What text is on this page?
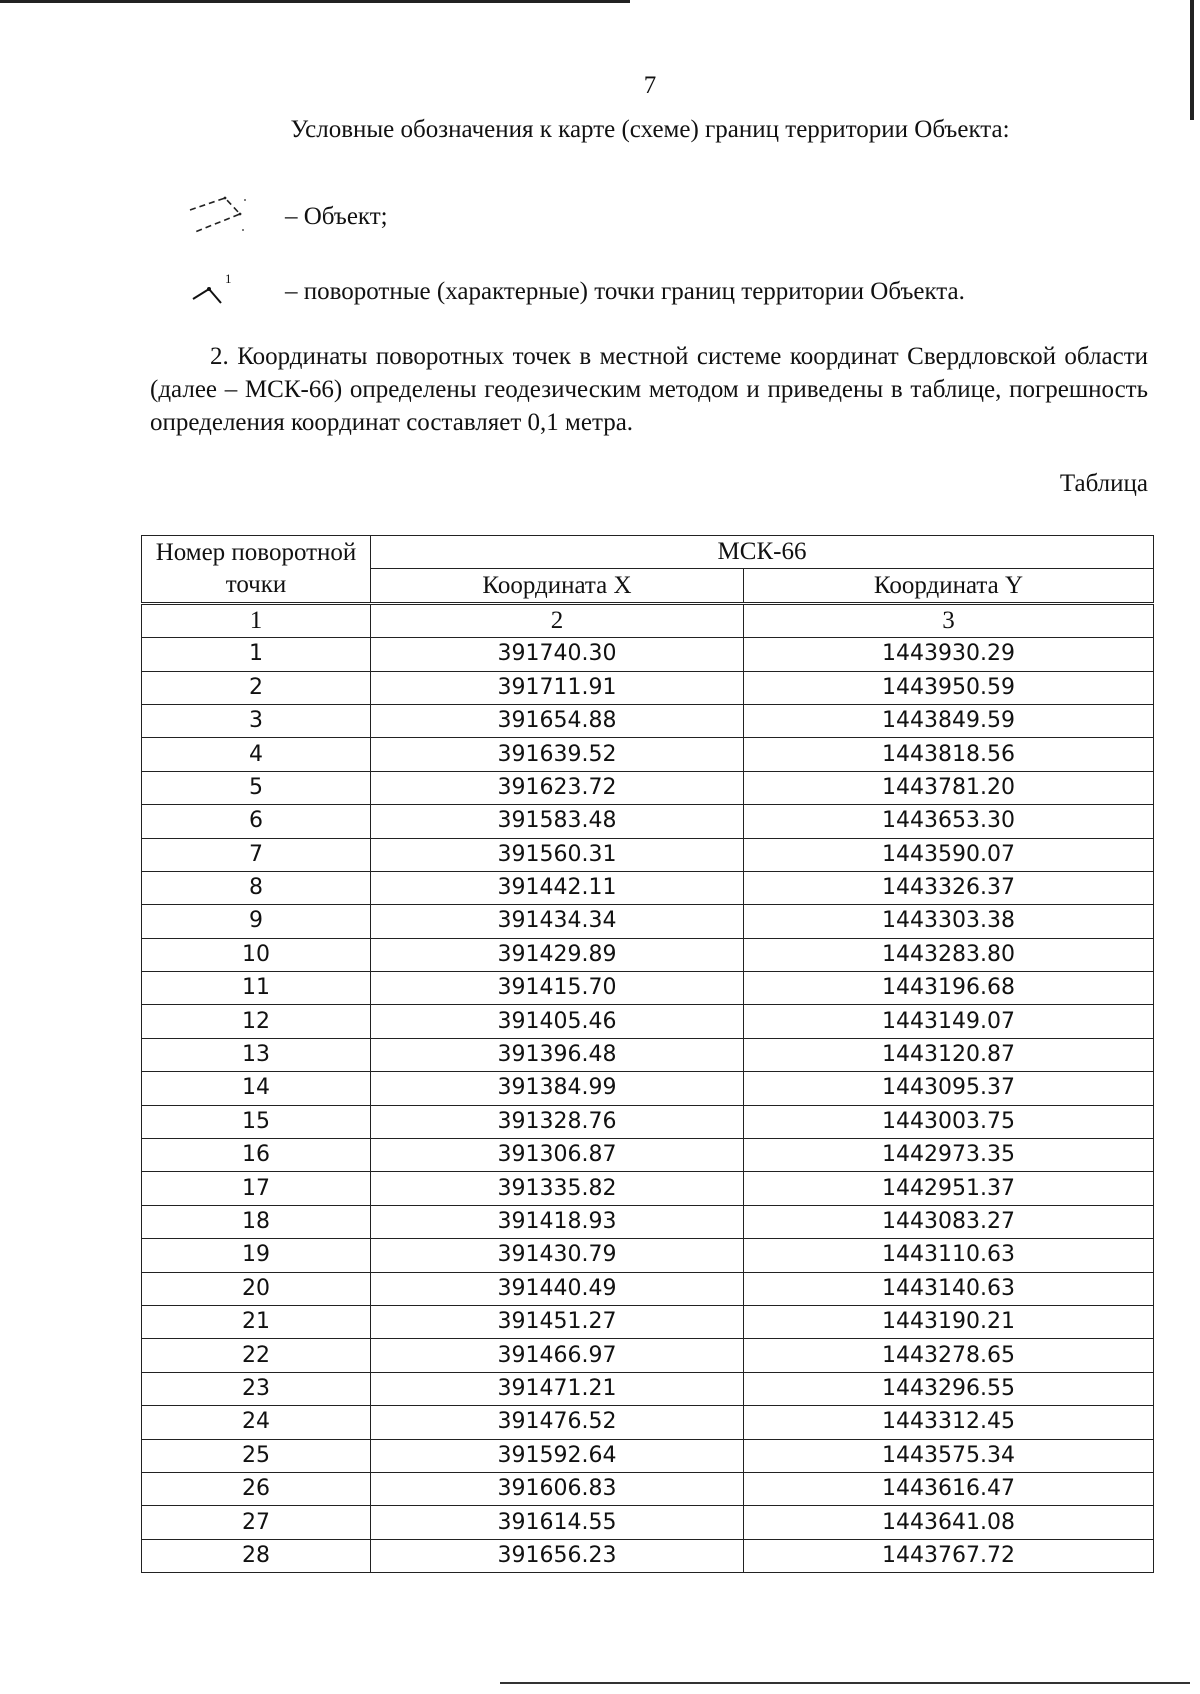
7
Условные обозначения к карте (схеме) границ территории Объекта:
– Объект;
1 – поворотные (характерные) точки границ территории Объекта.
2. Координаты поворотных точек в местной системе координат Свердловской области (далее – МСК-66) определены геодезическим методом и приведены в таблице, погрешность определения координат составляет 0,1 метра.
Таблица
Номер поворотной точки	МСК-66	
	Координата X	Координата Y
1	2	3
1	391740.30	1443930.29
2	391711.91	1443950.59
3	391654.88	1443849.59
4	391639.52	1443818.56
5	391623.72	1443781.20
6	391583.48	1443653.30
7	391560.31	1443590.07
8	391442.11	1443326.37
9	391434.34	1443303.38
10	391429.89	1443283.80
11	391415.70	1443196.68
12	391405.46	1443149.07
13	391396.48	1443120.87
14	391384.99	1443095.37
15	391328.76	1443003.75
16	391306.87	1442973.35
17	391335.82	1442951.37
18	391418.93	1443083.27
19	391430.79	1443110.63
20	391440.49	1443140.63
21	391451.27	1443190.21
22	391466.97	1443278.65
23	391471.21	1443296.55
24	391476.52	1443312.45
25	391592.64	1443575.34
26	391606.83	1443616.47
27	391614.55	1443641.08
28	391656.23	1443767.72
